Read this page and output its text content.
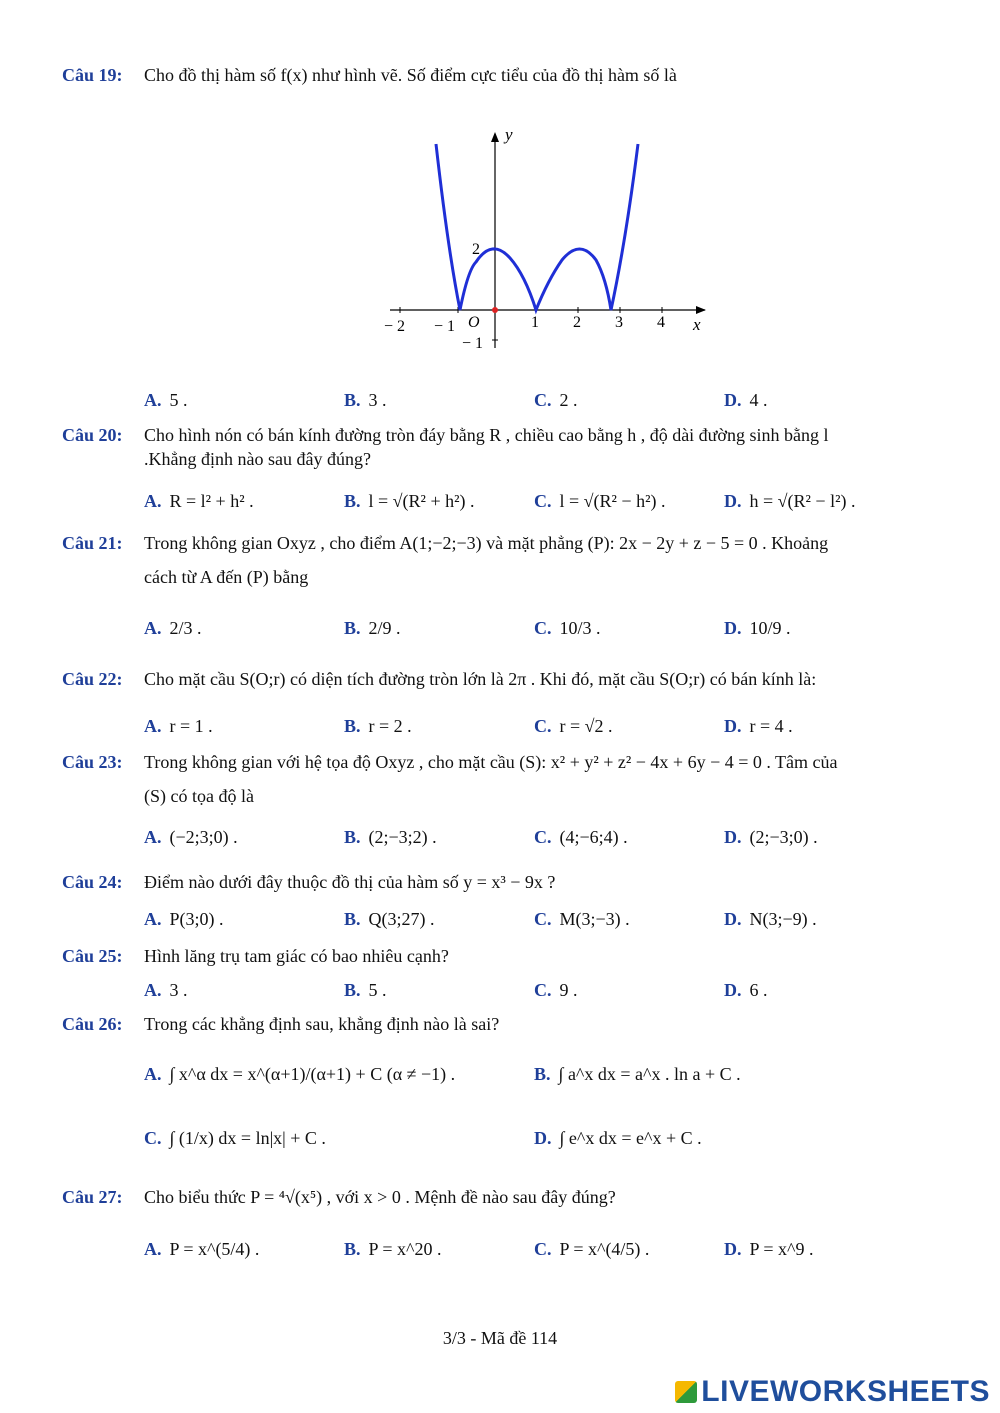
Câu 19: Cho đồ thị hàm số f(x) như hình vẽ. Số điểm cực tiểu của đồ thị hàm số là
y
x
O
− 2 − 1	1 2 3 4
2
− 1
A. 5 .	B. 3 .	C. 2 .	D. 4 .
Câu 20: Cho hình nón có bán kính đường tròn đáy bằng R , chiều cao bằng h , độ dài đường sinh bằng l
.Khẳng định nào sau đây đúng?
A. R = l² + h² .	B. l = √(R² + h²) .	C. l = √(R² − h²) .	D. h = √(R² − l²) .
Câu 21: Trong không gian Oxyz , cho điểm A(1;−2;−3) và mặt phẳng (P): 2x − 2y + z − 5 = 0 . Khoảng
cách từ A đến (P) bằng
A. 2/3 .	B. 2/9 .	C. 10/3 .	D. 10/9 .
Câu 22: Cho mặt cầu S(O;r) có diện tích đường tròn lớn là 2π . Khi đó, mặt cầu S(O;r) có bán kính là:
A. r = 1 .	B. r = 2 .	C. r = √2 .	D. r = 4 .
Câu 23: Trong không gian với hệ tọa độ Oxyz , cho mặt cầu (S): x² + y² + z² − 4x + 6y − 4 = 0 . Tâm của
(S) có tọa độ là
A. (−2;3;0) .	B. (2;−3;2) .	C. (4;−6;4) .	D. (2;−3;0) .
Câu 24: Điểm nào dưới đây thuộc đồ thị của hàm số y = x³ − 9x ?
A. P(3;0) .	B. Q(3;27) .	C. M(3;−3) .	D. N(3;−9) .
Câu 25: Hình lăng trụ tam giác có bao nhiêu cạnh?
A. 3 .	B. 5 .	C. 9 .	D. 6 .
Câu 26: Trong các khẳng định sau, khẳng định nào là sai?
A. ∫ x^α dx = x^(α+1)/(α+1) + C (α ≠ −1) .	B. ∫ a^x dx = a^x . ln a + C .
C. ∫ (1/x) dx = ln|x| + C .	D. ∫ e^x dx = e^x + C .
Câu 27: Cho biểu thức P = ⁴√(x⁵) , với x > 0 . Mệnh đề nào sau đây đúng?
A. P = x^(5/4) .	B. P = x^20 .	C. P = x^(4/5) .	D. P = x^9 .
3/3 - Mã đề 114
LIVEWORKSHEETS
